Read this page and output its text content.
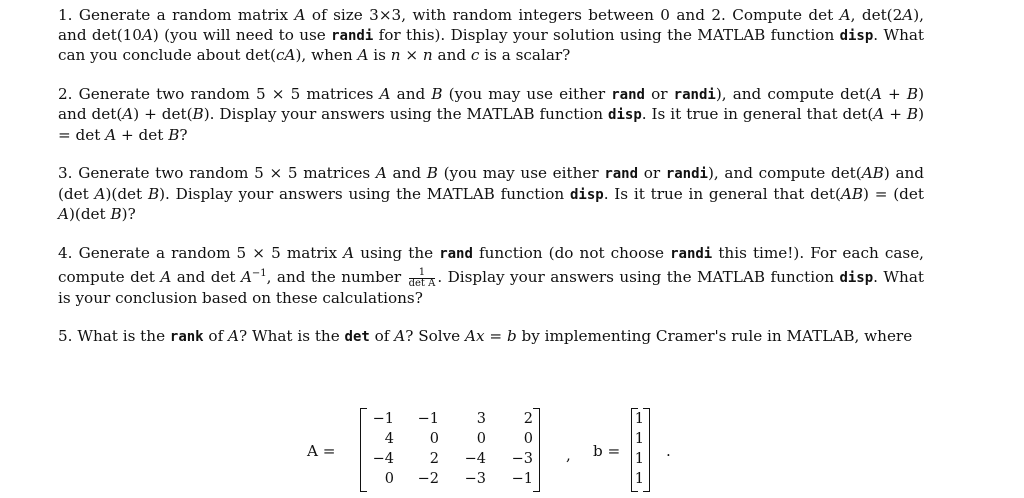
1. Generate a random matrix A of size 3×3, with random integers between 0 and 2. Compute det A, det(2A), and det(10A) (you will need to use randi for this). Display your solution using the MATLAB function disp. What can you conclude about det(cA), when A is n × n and c is a scalar?

2. Generate two random 5 × 5 matrices A and B (you may use either rand or randi), and compute det(A + B) and det(A) + det(B). Display your answers using the MATLAB function disp. Is it true in general that det(A + B) = det A + det B?

3. Generate two random 5 × 5 matrices A and B (you may use either rand or randi), and compute det(AB) and (det A)(det B). Display your answers using the MATLAB function disp. Is it true in general that det(AB) = (det A)(det B)?

4. Generate a random 5 × 5 matrix A using the rand function (do not choose randi this time!). For each case, compute det A and $\det A^{-1}$, and the number $\frac{1}{\text{det A}}$ . Display your answers using the MATLAB function disp. What is your conclusion based on these calculations?

5. What is the rank of A? What is the det of A? Solve Ax = b by implementing Cramer's rule in MATLAB, where

A =
−1	−1	3	2
4	0	0	0
−4	2	−4	−3
0	−2	−3	−1
, b =
1
1
1
1
.
